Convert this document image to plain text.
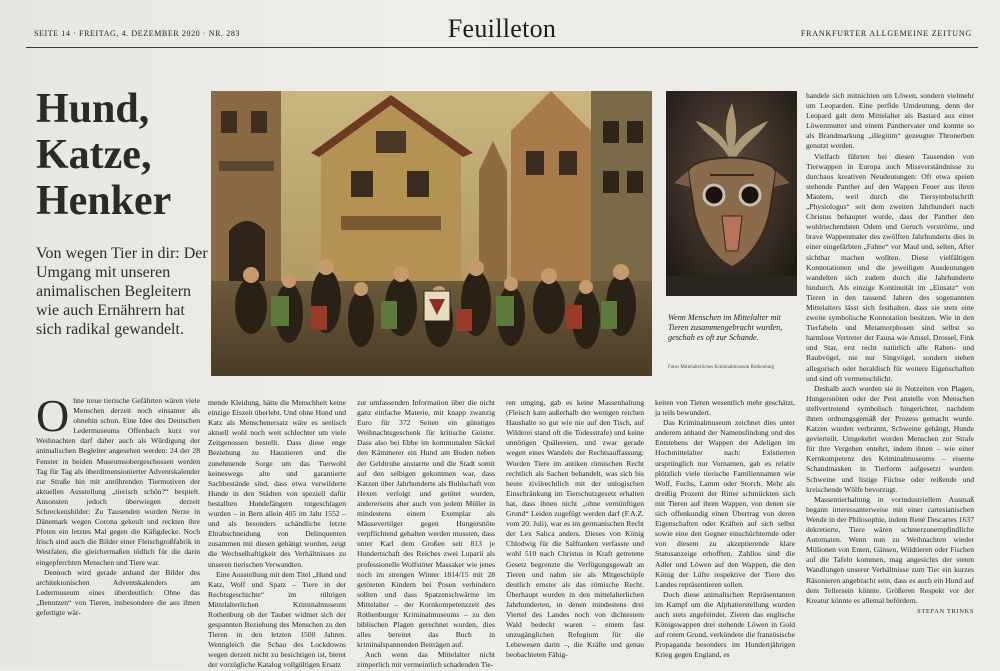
SEITE 14 · FREITAG, 4. DEZEMBER 2020 · NR. 283	Feuilleton	FRANKFURTER ALLGEMEINE ZEITUNG
Hund, Katze, Henker
Von wegen Tier in dir: Der Umgang mit unseren animalischen Begleitern wie auch Ernährern hat sich radikal gewandelt.
Wenn Menschen im Mittelalter mit Tieren zusammengebracht wurden, geschah es oft zur Schande.
Fotos Mittelalterliches Kriminalmuseum Rothenburg

Ohne treue tierische Gefährten wären viele Menschen derzeit noch einsamer als ohnehin schon. Eine Idee des Deutschen Ledermuseums Offenbach kurz vor Weihnachten darf daher auch als Würdigung der animalischen Begleiter angesehen werden: 24 der 28 Fenster in beiden Museumsobergeschossen werden Tag für Tag als überdimensionierter Adventskalender zur Straße hin mit anrührenden Tiermotiven der aktuellen Ausstellung „tierisch schön?“ bespielt. Ansonsten jedoch überwiegen derzeit Schreckensbilder: Zu Tausenden wurden Nerze in Dänemark wegen Corona gekeult und reckten ihre Pfoten ein letztes Mal gegen die Käfigdecke. Noch frisch sind auch die Bilder einer Fleischgroßfabrik in Westfalen, die gleichermaßen tödlich für die darin eingepferchten Menschen und Tiere war.

Dennoch wird gerade anhand der Bilder des architektonischen Adventskalenders am Ledermuseum eines überdeutlich: Ohne das „Benutzen“ von Tieren, insbesondere die aus ihnen gefertigte wär-

mende Kleidung, hätte die Menschheit keine einzige Eiszeit überlebt. Und ohne Hund und Katz als Menschenersatz wäre es seelisch aktuell wohl noch weit schlechter um viele Zeitgenossen bestellt. Dass diese enge Beziehung zu Haustieren und die zunehmende Sorge um das Tierwohl keineswegs alte und garantierte Sachbestände sind, dass etwa verwilderte Hunde in den Städten von speziell dafür bestallten Hundefängern totgeschlagen wurden – in Bern allein 405 im Jahr 1552 – und als besonders schändliche letzte Ehrabschneidung von Delinquenten zusammen mit diesen gehängt wurden, zeigt die Wechselhaftigkeit des Verhältnisses zu unseren tierischen Verwandten.

Eine Ausstellung mit dem Titel „Hund und Katz, Wolf und Spatz – Tiere in der Rechtsgeschichte“ im rührigen Mittelalterlichen Kriminalmuseum Rothenburg ob der Tauber widmet sich der gespannten Beziehung des Menschen zu den Tieren in den letzten 1500 Jahren. Wenngleich die Schau des Lockdowns wegen derzeit nicht zu besichtigen ist, bietet der vorzügliche Katalog vollgültigen Ersatz

zur umfassenden Information über die nicht ganz einfache Materie, mit knapp zwanzig Euro für 372 Seiten ein günstiges Weihnachtsgeschenk für kritische Geister. Dass also bei Ebbe im kommunalen Säckel den Kämmerer ein Hund am Boden neben der Geldtruhe anstarrte und die Stadt somit auf den selbigen gekommen war, dass Katzen über Jahrhunderte als Buhlschaft von Hexen verfolgt und getötet wurden, andererseits aber auch von jedem Müller in mindestens einem Exemplar als Mäusevertilger gegen Hungersnöte verpflichtend gehalten werden mussten, dass unter Karl dem Großen seit 813 je Hundertschaft des Reiches zwei Luparii als professionelle Wolfstöter Massaker wie jenes noch im strengen Winter 1814/15 mit 28 getöteten Kindern bei Posen verhindern sollten und dass Spatzenschwärme im Mittelalter – der Kornkompetenzzeit des Rothenburger Kriminalmuseums – zu den biblischen Plagen gerechnet wurden, dies alles bereitet das Buch in kriminalspannenden Beiträgen auf.

Auch wenn das Mittelalter nicht zimperlich mit vermeintlich schadenden Tie-

ren umging, gab es keine Massenhaltung (Fleisch kam außerhalb der wenigen reichen Haushalte so gut wie nie auf den Tisch, auf Wilderei stand oft die Todesstrafe) und keine unnötigen Quälereien, und zwar gerade wegen eines Wandels der Rechtsauffassung: Wurden Tiere im antiken römischen Recht rechtlich als Sachen behandelt, was sich bis heute zivilrechtlich mit der unlogischen Einschränkung im Tierschutzgesetz erhalten hat, dass ihnen nicht „ohne vernünftigen Grund“ Leiden zugefügt werden darf (F.A.Z. vom 20. Juli), war es im germanischen Recht der Lex Salica anders. Dieses von König Chlodwig für die Salfranken verfasste und wohl 510 nach Christus in Kraft getretene Gesetz begrenzte die Verfügungsgewalt an Tieren und nahm sie als Mitgeschöpfe deutlich ernster als das römische Recht. Überhaupt wurden in den mittelalterlichen Jahrhunderten, in denen mindestens drei Viertel des Landes noch von dichtestem Wald bedeckt waren – einem fast unzugänglichen Refugium für die Lebewesen darin –, die Kräfte und genau beobachteten Fähig-

keiten von Tieren wesentlich mehr geschätzt, ja teils bewundert.

Das Kriminalmuseum zeichnet dies unter anderem anhand der Namensfindung und des Entstehens der Wappen der Adeligen im Hochmittelalter nach: Existierten ursprünglich nur Vornamen, gab es relativ plötzlich viele tierische Familiennamen wie Wolf, Fuchs, Lamm oder Storch. Mehr als dreißig Prozent der Ritter schmückten sich mit Tieren auf ihren Wappen, von denen sie sich offenkundig einen Übertrag von deren Eigenschaften oder Kräften auf sich selbst sowie eine den Gegner einschüchternde oder von diesem zu akzeptierende klare Statusanzeige erhofften. Zahllos sind die Adler und Löwen auf den Wappen, die den König der Lüfte respektive der Tiere des Landes repräsentieren sollen.

Doch diese animalischen Repräsentanten im Kampf um die Alphatierstellung wurden auch stets angefeindet. Zieren das englische Königswappen drei stehende Löwen in Gold auf rotem Grund, verkündete die französische Propaganda besonders im Hundertjährigen Krieg gegen England, es

handele sich mitnichten um Löwen, sondern vielmehr um Leoparden. Eine perfide Umdeutung, denn der Leopard galt dem Mittelalter als Bastard aus einer Löwenmutter und einem Panthervater und konnte so als Brandmarkung „illegitim“ gezeugter Thronerben genutzt werden.

Vielfach führten bei diesen Tausenden von Tierwappen in Europa auch Missverständnisse zu durchaus kreativen Neudeutungen: Oft etwa speien stehende Panther auf den Wappen Feuer aus ihren Mäulern, weil durch die Tiersymbolschrift „Physiologus“ seit dem zweiten Jahrhundert nach Christus behauptet wurde, dass der Panther den wohlriechendsten Odem und Geruch verströme, und brave Wappenmaler des zwölften Jahrhunderts dies in einer eingefärbten „Fahne“ vor Maul und, selten, After sichtbar machen wollten. Diese vielfältigen Konnotationen und die jeweiligen Ausdeutungen wandelten sich zudem durch die Jahrhunderte hindurch. Als einzige Kontinuität im „Einsatz“ von Tieren in den tausend Jahren des sogenannten Mittelalters lässt sich festhalten, dass sie stets eine zweite symbolische Konnotation besitzen. Wie in den Tierfabeln und Metamorphosen sind selbst so harmlose Vertreter der Fauna wie Amsel, Drossel, Fink und Star, erst recht natürlich alle Raben- und Raubvögel, nie nur Singvögel, sondern stehen allegorisch oder heraldisch für weitere Eigenschaften und sind oft vermenschlicht.

Deshalb auch wurden sie in Notzeiten von Plagen, Hungersnöten oder der Pest anstelle von Menschen stellvertretend symbolisch hingerichtet, nachdem ihnen ordnungsgemäß der Prozess gemacht wurde. Katzen wurden verbrannt, Schweine gehängt, Hunde gevierteilt. Umgekehrt wurden Menschen zur Strafe für ihre Vergehen entehrt, indem ihnen – wie einer Kernkompetenz des Kriminalmuseums – eiserne Schandmasken in Tierform aufgesetzt wurden: Schweine und listige Füchse oder reißende und kreischende Wölfe bevorzugt.

Massentierhaltung in vorindustriellem Ausmaß begann interessanterweise mit einer cartesianischen Wende in der Philosophie, indem René Descartes 1637 dekretierte, Tiere wären schmerzunempfindliche Automaten. Wenn nun zu Weihnachten wieder Millionen von Enten, Gänsen, Wildtieren oder Fischen auf die Tafeln kommen, mag angesichts der steten Wandlungen unserer Verhältnisse zum Tier ein kurzes Räsonieren angebracht sein, dass es auch ein Hund auf dem Tellersein könnte. Größeren Respekt vor der Kreatur könnte es allemal befördern.

STEFAN TRINKS
